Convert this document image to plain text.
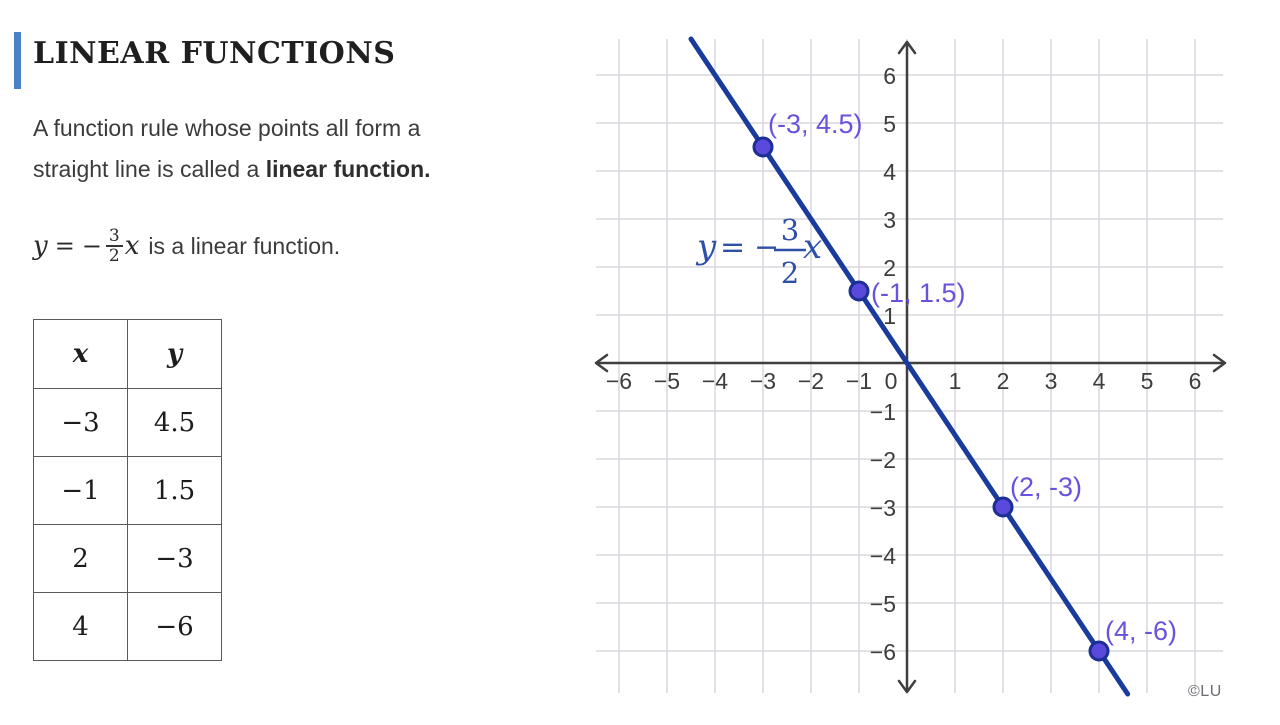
LINEAR FUNCTIONS
A function rule whose points all form a
straight line is called a linear function.
y = − $\frac{3}{2}$ x is a linear function.
x	y
−3	4.5
−1	1.5
2	−3
4	−6
−6 −5 −4 −3 −2 −1 0 1 2 3 4 5 6
−6
−5
−4
−3
−2
−1
1
2
3
4
5
6
y = − 3
2
x
(-3, 4.5)
(-1, 1.5)
(2, -3)
(4, -6)
©LU
